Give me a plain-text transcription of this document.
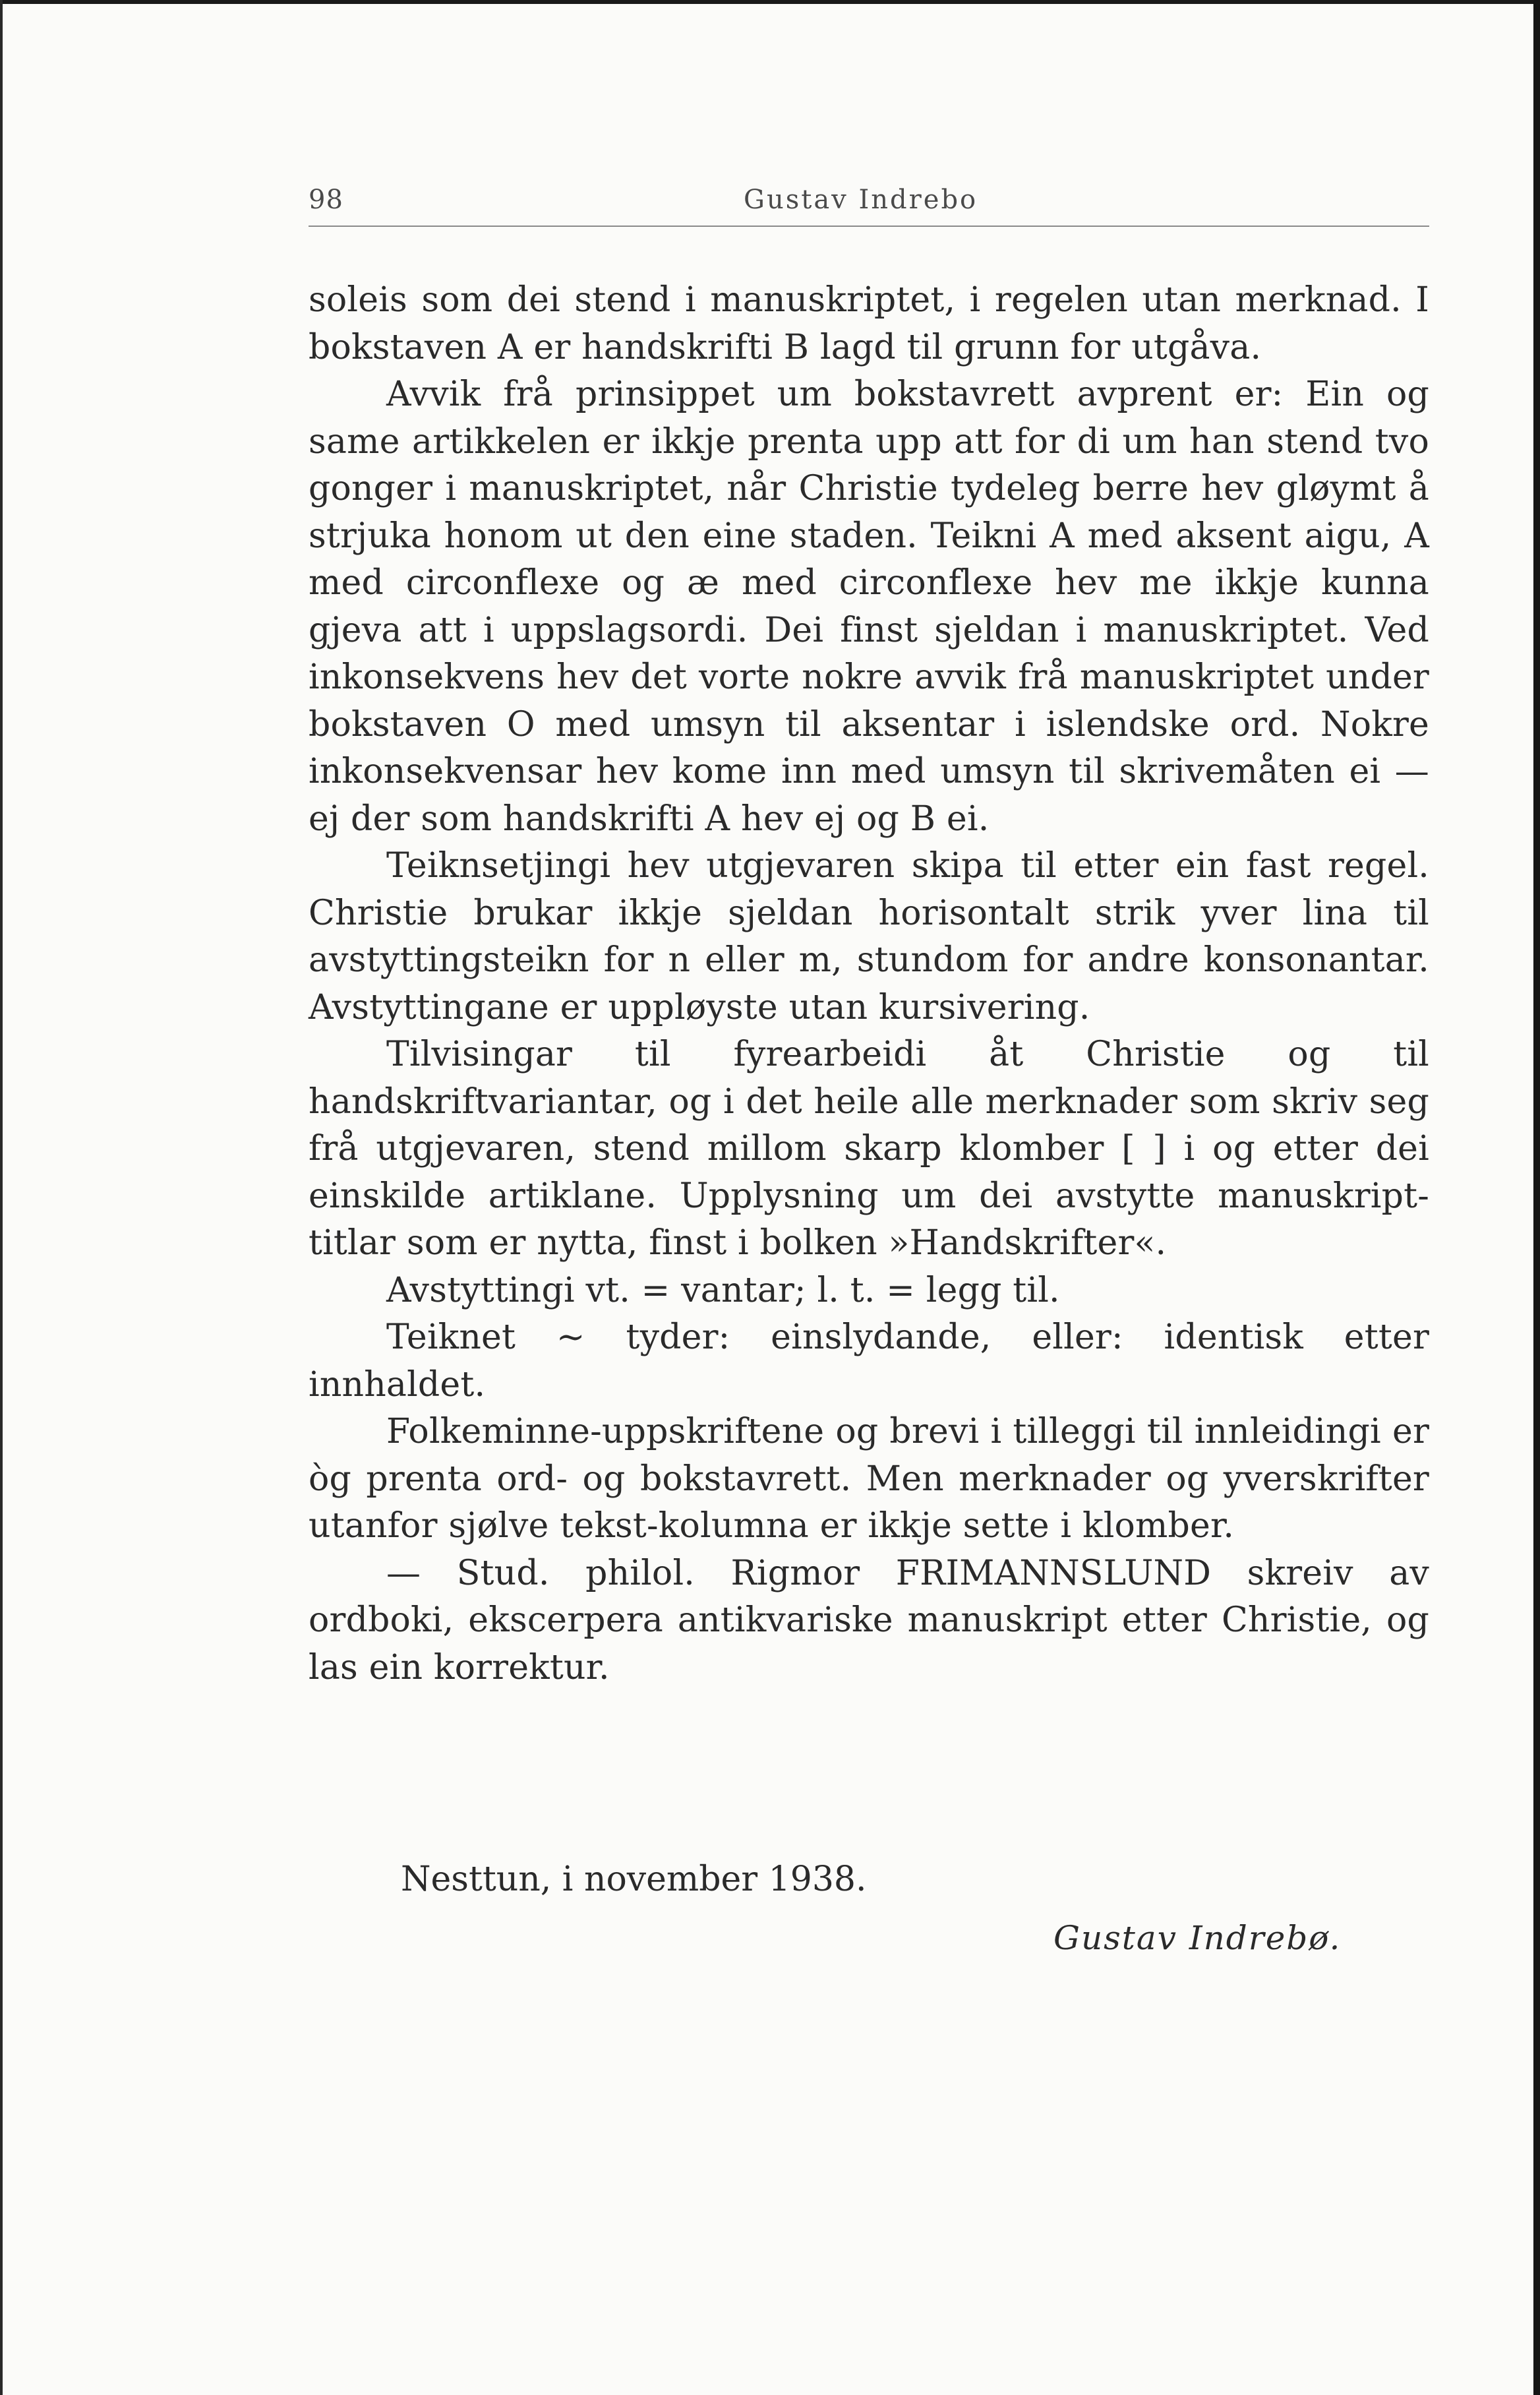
98	Gustav Indrebo

soleis som dei stend i manuskriptet, i regelen utan merknad. I bokstaven A er handskrifti B lagd til grunn for utgåva.

Avvik frå prinsippet um bokstavrett avprent er: Ein og same artikkelen er ikkje prenta upp att for di um han stend tvo gonger i manuskriptet, når Christie tydeleg berre hev gløymt å strjuka honom ut den eine staden. Teikni A med aksent aigu, A med circonflexe og æ med circonflexe hev me ikkje kunna gjeva att i uppslagsordi. Dei finst sjeldan i manuskriptet. Ved inkonsekvens hev det vorte nokre avvik frå manuskriptet under bokstaven O med umsyn til aksentar i islendske ord. Nokre inkonsekvensar hev kome inn med umsyn til skrivemåten ei — ej der som handskrifti A hev ej og B ei.

Teiknsetjingi hev utgjevaren skipa til etter ein fast regel. Christie brukar ikkje sjeldan horisontalt strik yver lina til avstyttingsteikn for n eller m, stundom for andre konsonantar. Avstyttingane er uppløyste utan kursivering.

Tilvisingar til fyrearbeidi åt Christie og til handskriftvariantar, og i det heile alle merknader som skriv seg frå utgjevaren, stend millom skarp klomber [ ] i og etter dei einskilde artiklane. Upplysning um dei avstytte manuskript-titlar som er nytta, finst i bolken »Handskrifter«.

Avstyttingi vt. = vantar; l. t. = legg til.

Teiknet ~ tyder: einslydande, eller: identisk etter innhaldet.

Folkeminne-uppskriftene og brevi i tilleggi til innleidingi er òg prenta ord- og bokstavrett. Men merknader og yverskrifter utanfor sjølve tekst-kolumna er ikkje sette i klomber.

— Stud. philol. Rigmor FRIMANNSLUND skreiv av ordboki, ekscerpera antikvariske manuskript etter Christie, og las ein korrektur.

Nesttun, i november 1938.
Gustav Indrebø.
